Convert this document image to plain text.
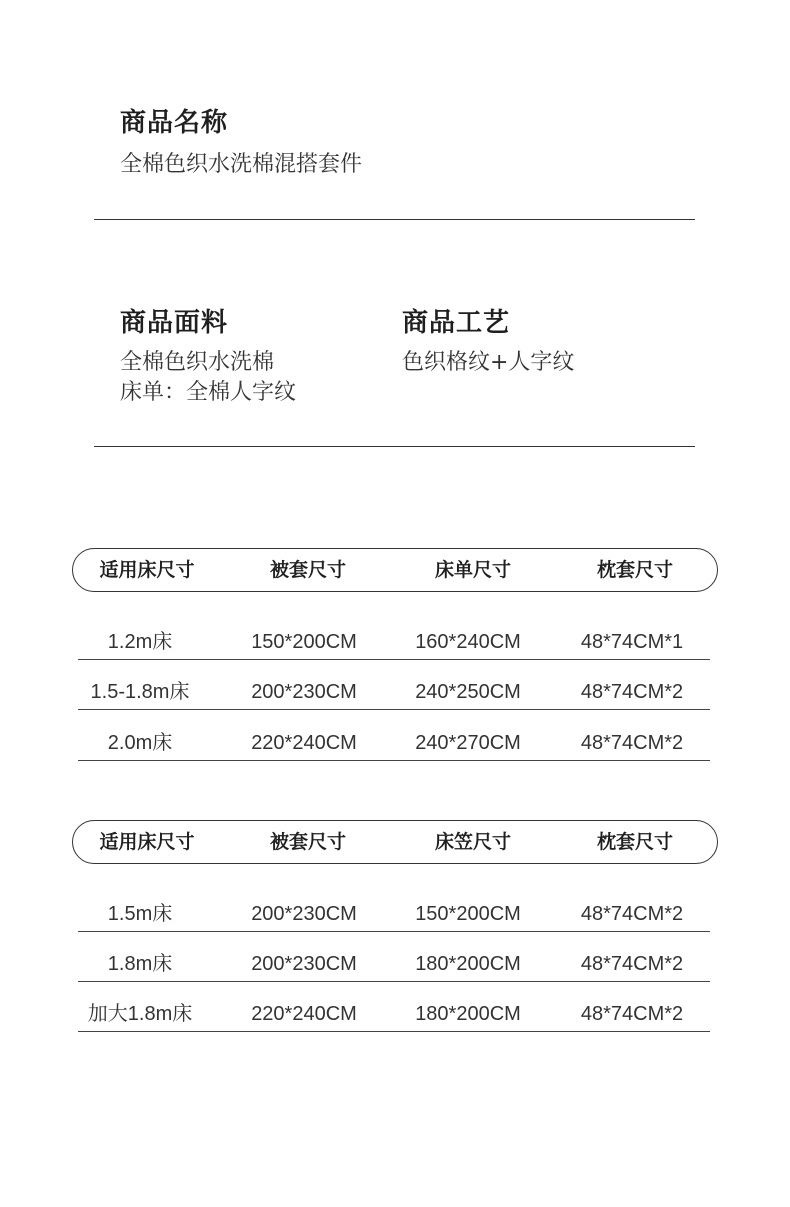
商品名称
全棉色织水洗棉混搭套件
商品面料
全棉色织水洗棉
床单：全棉人字纹
商品工艺
色织格纹+人字纹
适用床尺寸	被套尺寸	床单尺寸	枕套尺寸
1.2m床	150*200CM	160*240CM	48*74CM*1
1.5-1.8m床	200*230CM	240*250CM	48*74CM*2
2.0m床	220*240CM	240*270CM	48*74CM*2
适用床尺寸	被套尺寸	床笠尺寸	枕套尺寸
1.5m床	200*230CM	150*200CM	48*74CM*2
1.8m床	200*230CM	180*200CM	48*74CM*2
加大1.8m床	220*240CM	180*200CM	48*74CM*2
